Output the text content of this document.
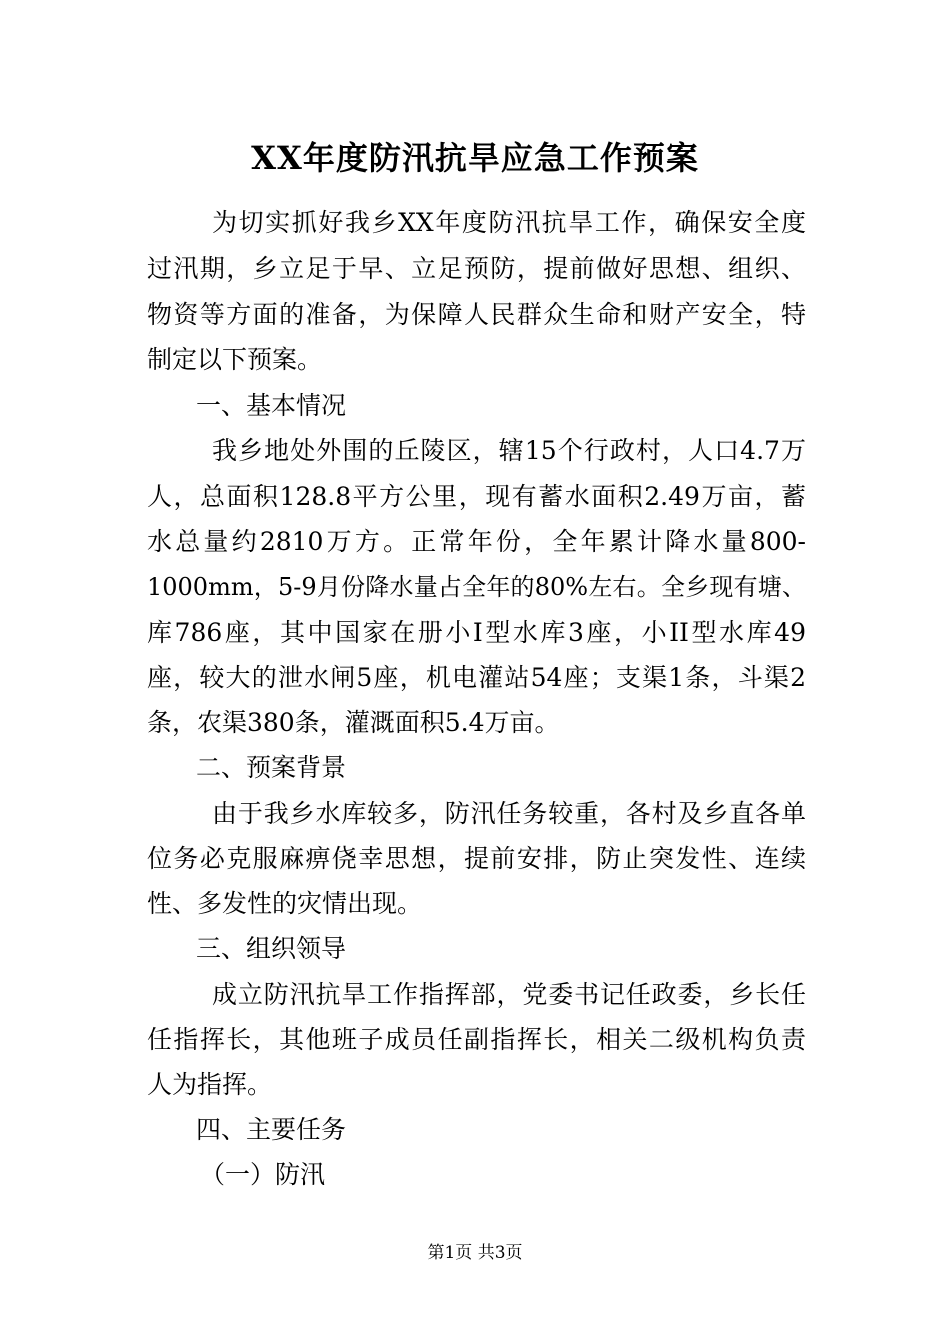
XX年度防汛抗旱应急工作预案
为切实抓好我乡XX年度防汛抗旱工作，确保安全度
过汛期，乡立足于早、立足预防，提前做好思想、组织、
物资等方面的准备，为保障人民群众生命和财产安全，特
制定以下预案。
一、基本情况
我乡地处外围的丘陵区，辖15个行政村，人口4.7万
人，总面积128.8平方公里，现有蓄水面积2.49万亩，蓄
水总量约2810万方。正常年份，全年累计降水量800-
1000mm，5-9月份降水量占全年的80%左右。全乡现有塘、
库786座，其中国家在册小Ⅰ型水库3座，小II型水库49
座，较大的泄水闸5座，机电灌站54座；支渠1条，斗渠2
条，农渠380条，灌溉面积5.4万亩。
二、预案背景
由于我乡水库较多，防汛任务较重，各村及乡直各单
位务必克服麻痹侥幸思想，提前安排，防止突发性、连续
性、多发性的灾情出现。
三、组织领导
成立防汛抗旱工作指挥部，党委书记任政委，乡长任
任指挥长，其他班子成员任副指挥长，相关二级机构负责
人为指挥。
四、主要任务
（一）防汛
第1页 共3页
